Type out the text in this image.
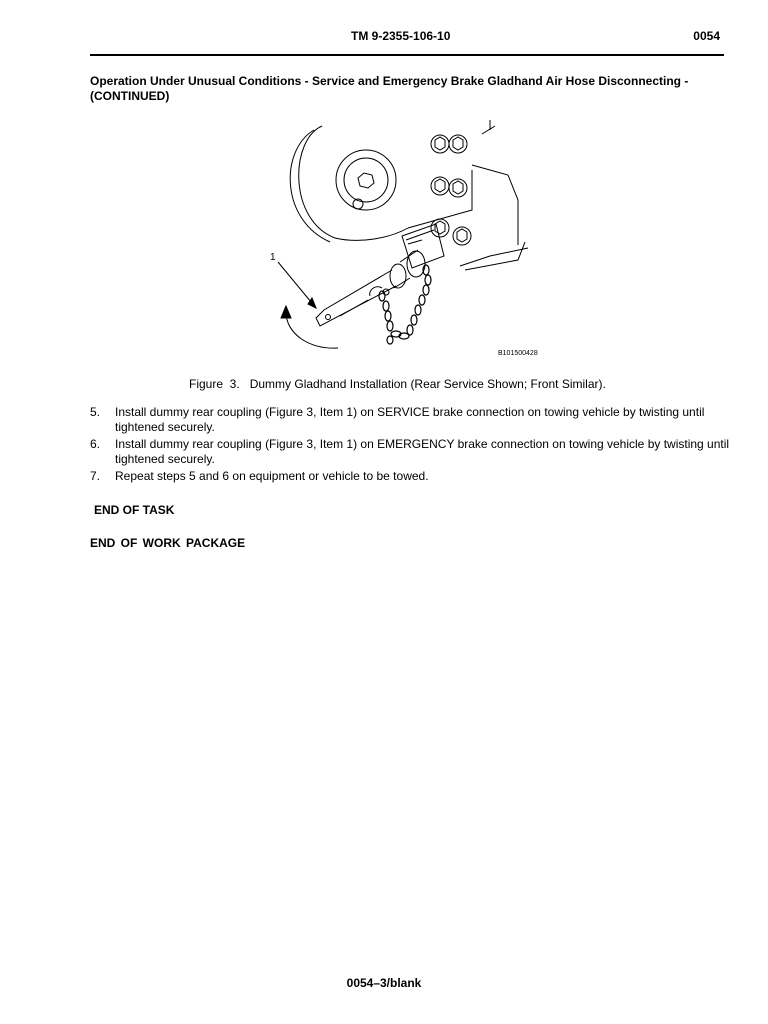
TM 9-2355-106-10	0054
Operation Under Unusual Conditions - Service and Emergency Brake Gladhand Air Hose Disconnecting - (CONTINUED)
1
B101500428
Figure  3.   Dummy Gladhand Installation (Rear Service Shown; Front Similar).
5.	Install dummy rear coupling (Figure 3, Item 1) on SERVICE brake connection on towing vehicle by twisting until tightened securely.
6.	Install dummy rear coupling (Figure 3, Item 1) on EMERGENCY brake connection on towing vehicle by twisting until tightened securely.
7.	Repeat steps 5 and 6 on equipment or vehicle to be towed.
END OF TASK
END OF WORK PACKAGE
0054–3/blank
